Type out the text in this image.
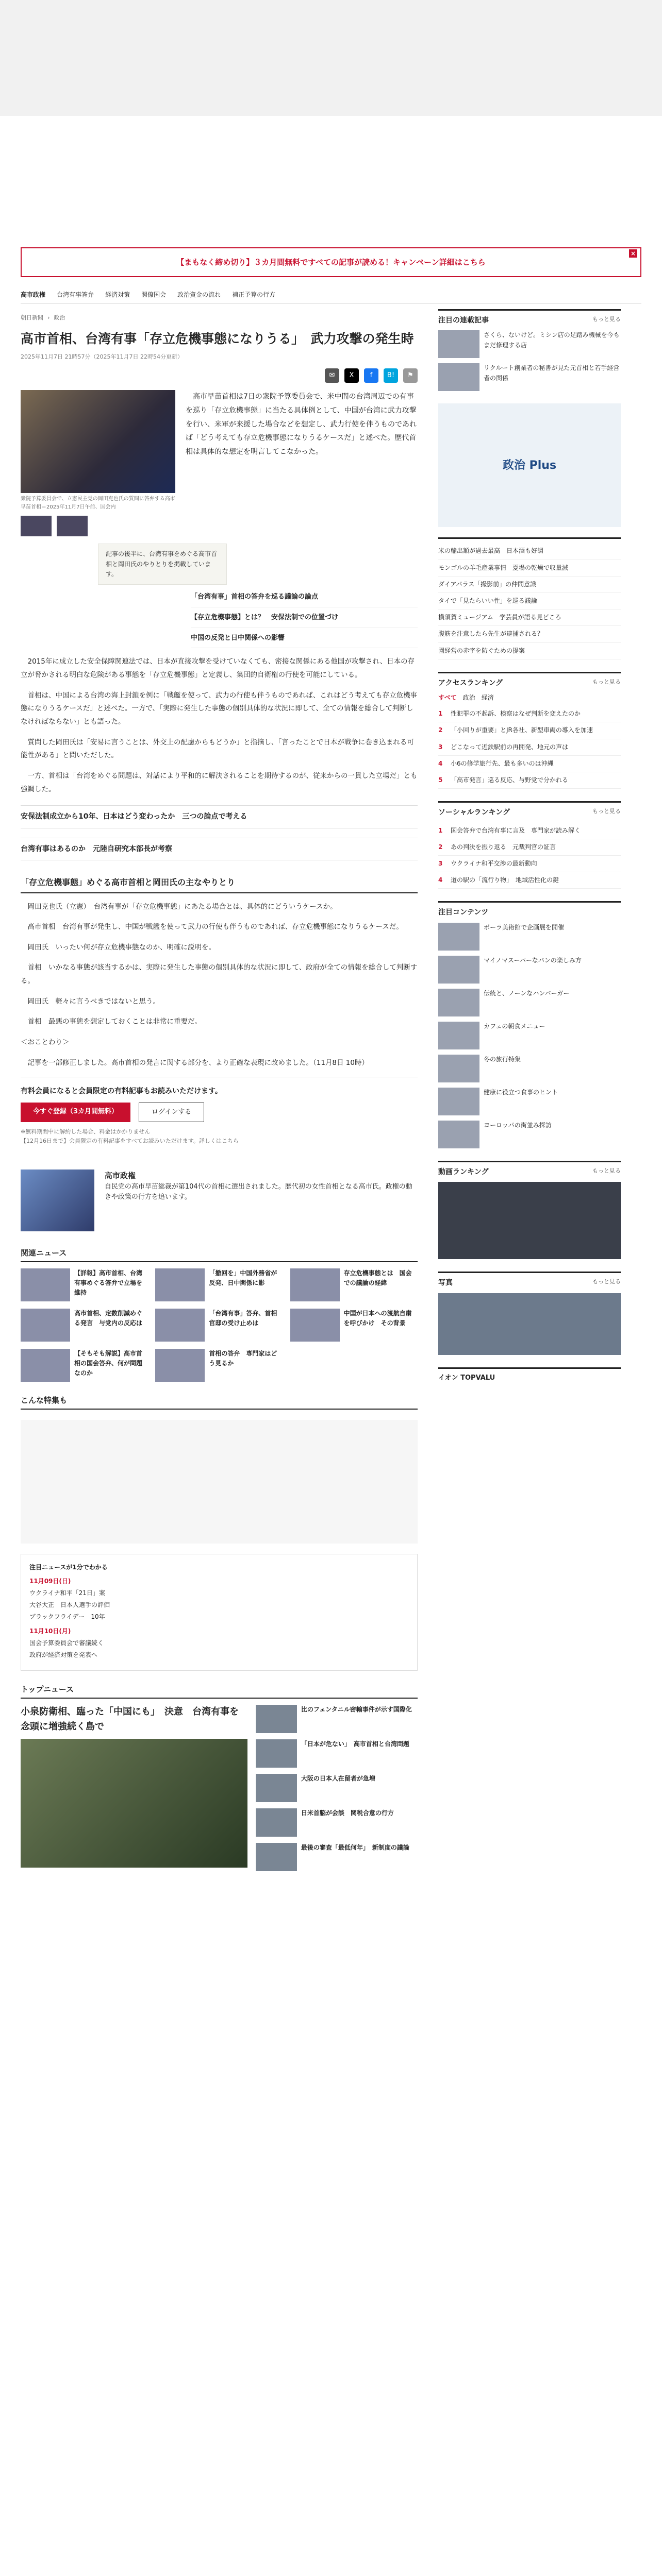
【まもなく締め切り】３カ月間無料ですべての記事が読める！キャンペーン詳細はこちら
×
高市政権 台湾有事答弁 経済対策 閣僚国会 政治資金の流れ 補正予算の行方
朝日新聞 › 政治
高市首相、台湾有事「存立危機事態になりうる」　武力攻撃の発生時
2025年11月7日 21時57分（2025年11月7日 22時54分更新）
✉	X	f	B!	⚑
衆院予算委員会で、立憲民主党の岡田克也氏の質問に答弁する高市早苗首相＝2025年11月7日午前、国会内
　高市早苗首相は7日の衆院予算委員会で、米中間の台湾周辺での有事を巡り「存立危機事態」に当たる具体例として、中国が台湾に武力攻撃を行い、米軍が来援した場合などを想定し、武力行使を伴うものであれば「どう考えても存立危機事態になりうるケースだ」と述べた。歴代首相は具体的な想定を明言してこなかった。
記事の後半に、台湾有事をめぐる高市首相と岡田氏のやりとりを掲載しています。

「台湾有事」首相の答弁を巡る議論の論点

【存立危機事態】とは？　安保法制での位置づけ

中国の反発と日中関係への影響

　2015年に成立した安全保障関連法では、日本が直接攻撃を受けていなくても、密接な関係にある他国が攻撃され、日本の存立が脅かされる明白な危険がある事態を「存立危機事態」と定義し、集団的自衛権の行使を可能にしている。

　首相は、中国による台湾の海上封鎖を例に「戦艦を使って、武力の行使も伴うものであれば、これはどう考えても存立危機事態になりうるケースだ」と述べた。一方で、「実際に発生した事態の個別具体的な状況に即して、全ての情報を総合して判断しなければならない」とも語った。

　質問した岡田氏は「安易に言うことは、外交上の配慮からもどうか」と指摘し、「言ったことで日本が戦争に巻き込まれる可能性がある」と問いただした。

　一方、首相は「台湾をめぐる問題は、対話により平和的に解決されることを期待するのが、従来からの一貫した立場だ」とも強調した。

安保法制成立から10年、日本はどう変わったか　三つの論点で考える
台湾有事はあるのか　元陸自研究本部長が考察
「存立危機事態」めぐる高市首相と岡田氏の主なやりとり

　岡田克也氏（立憲）　台湾有事が「存立危機事態」にあたる場合とは、具体的にどういうケースか。

　高市首相　台湾有事が発生し、中国が戦艦を使って武力の行使も伴うものであれば、存立危機事態になりうるケースだ。

　岡田氏　いったい何が存立危機事態なのか、明確に説明を。

　首相　いかなる事態が該当するかは、実際に発生した事態の個別具体的な状況に即して、政府が全ての情報を総合して判断する。

　岡田氏　軽々に言うべきではないと思う。

　首相　最悪の事態を想定しておくことは非常に重要だ。

＜おことわり＞

　記事を一部修正しました。高市首相の発言に関する部分を、より正確な表現に改めました。（11月8日 10時）

有料会員になると会員限定の有料記事もお読みいただけます。
今すぐ登録（3カ月間無料）	ログインする
※無料期間中に解約した場合、料金はかかりません
【12月16日まで】会員限定の有料記事をすべてお読みいただけます。詳しくはこちら
高市政権
自民党の高市早苗総裁が第104代の首相に選出されました。歴代初の女性首相となる高市氏。政権の動きや政策の行方を追います。
関連ニュース
【詳報】高市首相、台湾有事めぐる答弁で立場を維持
「撤回を」中国外務省が反発、日中関係に影
存立危機事態とは　国会での議論の経緯
高市首相、定数削減めぐる発言　与党内の反応は
「台湾有事」答弁、首相官邸の受け止めは
中国が日本への渡航自粛を呼びかけ　その背景
【そもそも解説】高市首相の国会答弁、何が問題なのか
首相の答弁　専門家はどう見るか
こんな特集も
注目ニュースが1分でわかる
11月09日(日)
ウクライナ和平「21日」案
大谷大正　日本人選手の評価
ブラックフライデー　10年
11月10日(月)
国会予算委員会で審議続く
政府が経済対策を発表へ
トップニュース
小泉防衛相、臨った「中国にも」　決意　台湾有事を念頭に増強続く島で

比のフェンタニル密輸事件が示す国際化

「日本が危ない」　高市首相と台湾問題

大阪の日本人在留者が急増

日米首脳が会談　関税合意の行方

最後の審査「最低何年」　新制度の議論

注目の連載記事	もっと見る
さくら、ないけど。ミシン店の足踏み機械を今もまだ修理する店
リクルート創業者の秘書が見た元首相と若手経営者の関係
政治 Plus
米の輸出額が過去最高　日本酒も好調
モンゴルの羊毛産業事情　夏場の乾燥で収量減
ダイアパラス「撮影前」の仲間意識
タイで「見たらいい性」を巡る議論
横須賀ミュージアム　学芸員が語る見どころ
腹筋を注意したら先生が逮捕される？
園経営の赤字を防ぐための提案
アクセスランキング	もっと見る
すべて 政治 経済
1	性犯罪の不起訴、検察はなぜ判断を変えたのか
2	「小回りが重要」とJR各社、新型車両の導入を加速
3	どこなって近鉄駅前の再開発、地元の声は
4	小6の修学旅行先、最も多いのは沖縄
5	「高市発言」巡る反応、与野党で分かれる
ソーシャルランキング	もっと見る
1	国会答弁で台湾有事に言及　専門家が読み解く
2	あの判決を振り返る　元裁判官の証言
3	ウクライナ和平交渉の最新動向
4	道の駅の「流行り物」　地域活性化の鍵
注目コンテンツ
ボーラ美術館で企画展を開催
マイノマスーパーなパンの楽しみ方
伝統と、ノーンなハンバーガー
カフェの朝食メニュー
冬の旅行特集
健康に役立つ食事のヒント
ヨーロッパの街並み探訪
動画ランキング	もっと見る
写真	もっと見る
イオン TOPVALU
